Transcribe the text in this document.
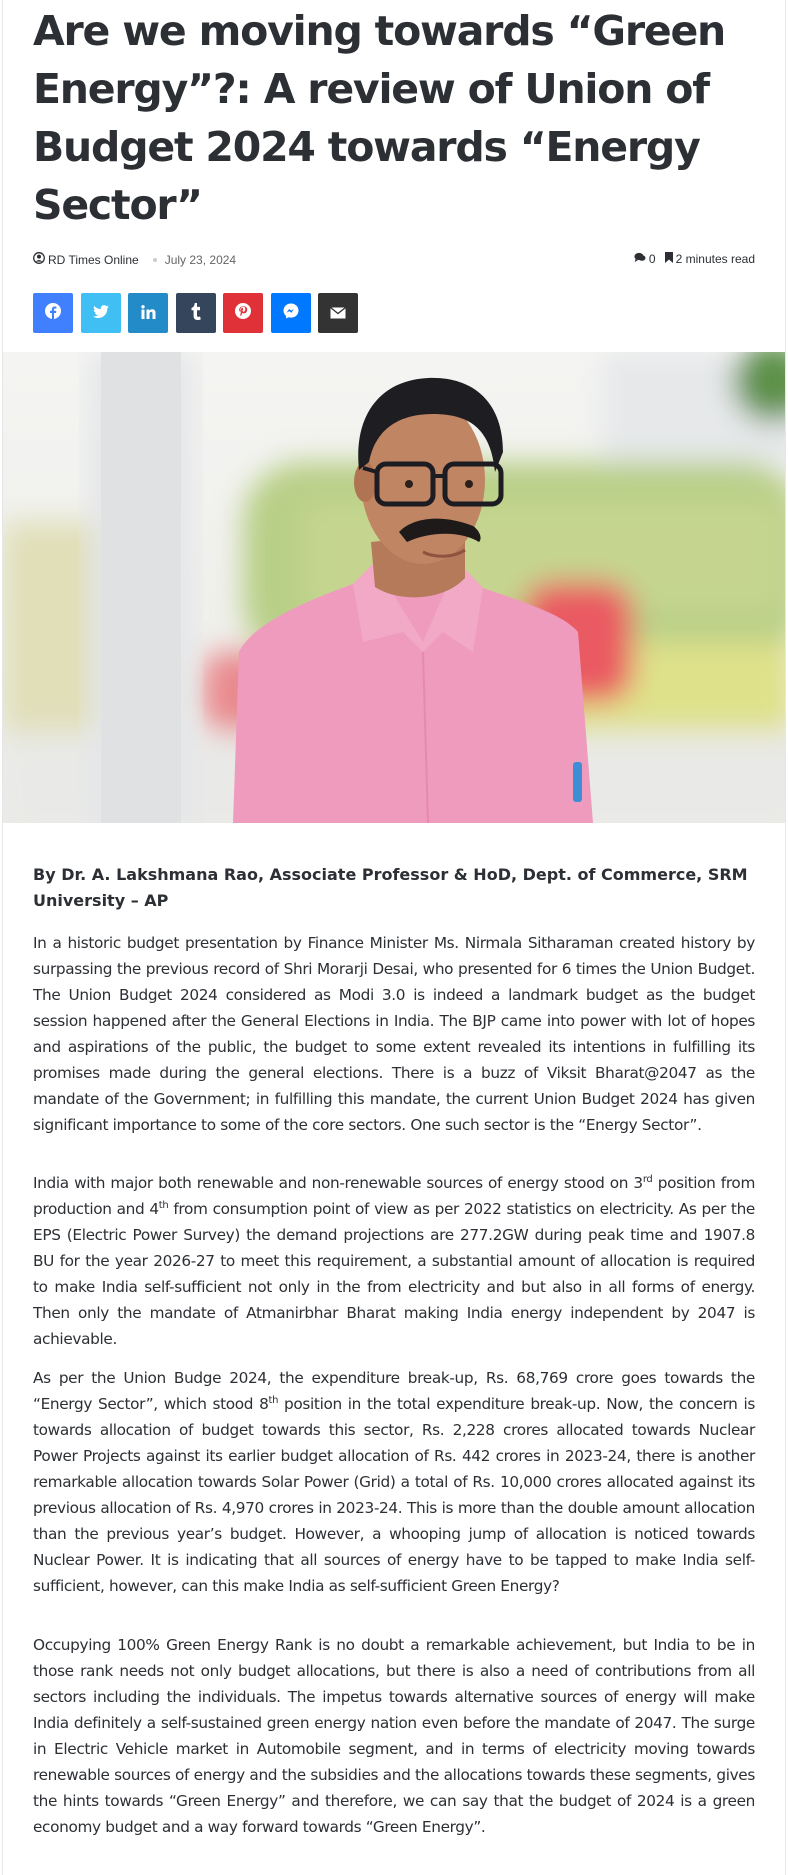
Are we moving towards “Green Energy”?: A review of Union of Budget 2024 towards “Energy Sector”
RD Times Online July 23, 2024	0 2 minutes read

By Dr. A. Lakshmana Rao, Associate Professor & HoD, Dept. of Commerce, SRM University – AP

In a historic budget presentation by Finance Minister Ms. Nirmala Sitharaman created history by surpassing the previous record of Shri Morarji Desai, who presented for 6 times the Union Budget. The Union Budget 2024 considered as Modi 3.0 is indeed a landmark budget as the budget session happened after the General Elections in India. The BJP came into power with lot of hopes and aspirations of the public, the budget to some extent revealed its intentions in fulfilling its promises made during the general elections. There is a buzz of Viksit Bharat@2047 as the mandate of the Government; in fulfilling this mandate, the current Union Budget 2024 has given significant importance to some of the core sectors. One such sector is the “Energy Sector”.

India with major both renewable and non-renewable sources of energy stood on 3rd position from production and 4th from consumption point of view as per 2022 statistics on electricity. As per the EPS (Electric Power Survey) the demand projections are 277.2GW during peak time and 1907.8 BU for the year 2026-27 to meet this requirement, a substantial amount of allocation is required to make India self-sufficient not only in the from electricity and but also in all forms of energy. Then only the mandate of Atmanirbhar Bharat making India energy independent by 2047 is achievable.

As per the Union Budge 2024, the expenditure break-up, Rs. 68,769 crore goes towards the “Energy Sector”, which stood 8th position in the total expenditure break-up. Now, the concern is towards allocation of budget towards this sector, Rs. 2,228 crores allocated towards Nuclear Power Projects against its earlier budget allocation of Rs. 442 crores in 2023-24, there is another remarkable allocation towards Solar Power (Grid) a total of Rs. 10,000 crores allocated against its previous allocation of Rs. 4,970 crores in 2023-24. This is more than the double amount allocation than the previous year’s budget. However, a whooping jump of allocation is noticed towards Nuclear Power. It is indicating that all sources of energy have to be tapped to make India self-sufficient, however, can this make India as self-sufficient Green Energy?

Occupying 100% Green Energy Rank is no doubt a remarkable achievement, but India to be in those rank needs not only budget allocations, but there is also a need of contributions from all sectors including the individuals. The impetus towards alternative sources of energy will make India definitely a self-sustained green energy nation even before the mandate of 2047. The surge in Electric Vehicle market in Automobile segment, and in terms of electricity moving towards renewable sources of energy and the subsidies and the allocations towards these segments, gives the hints towards “Green Energy” and therefore, we can say that the budget of 2024 is a green economy budget and a way forward towards “Green Energy”.
